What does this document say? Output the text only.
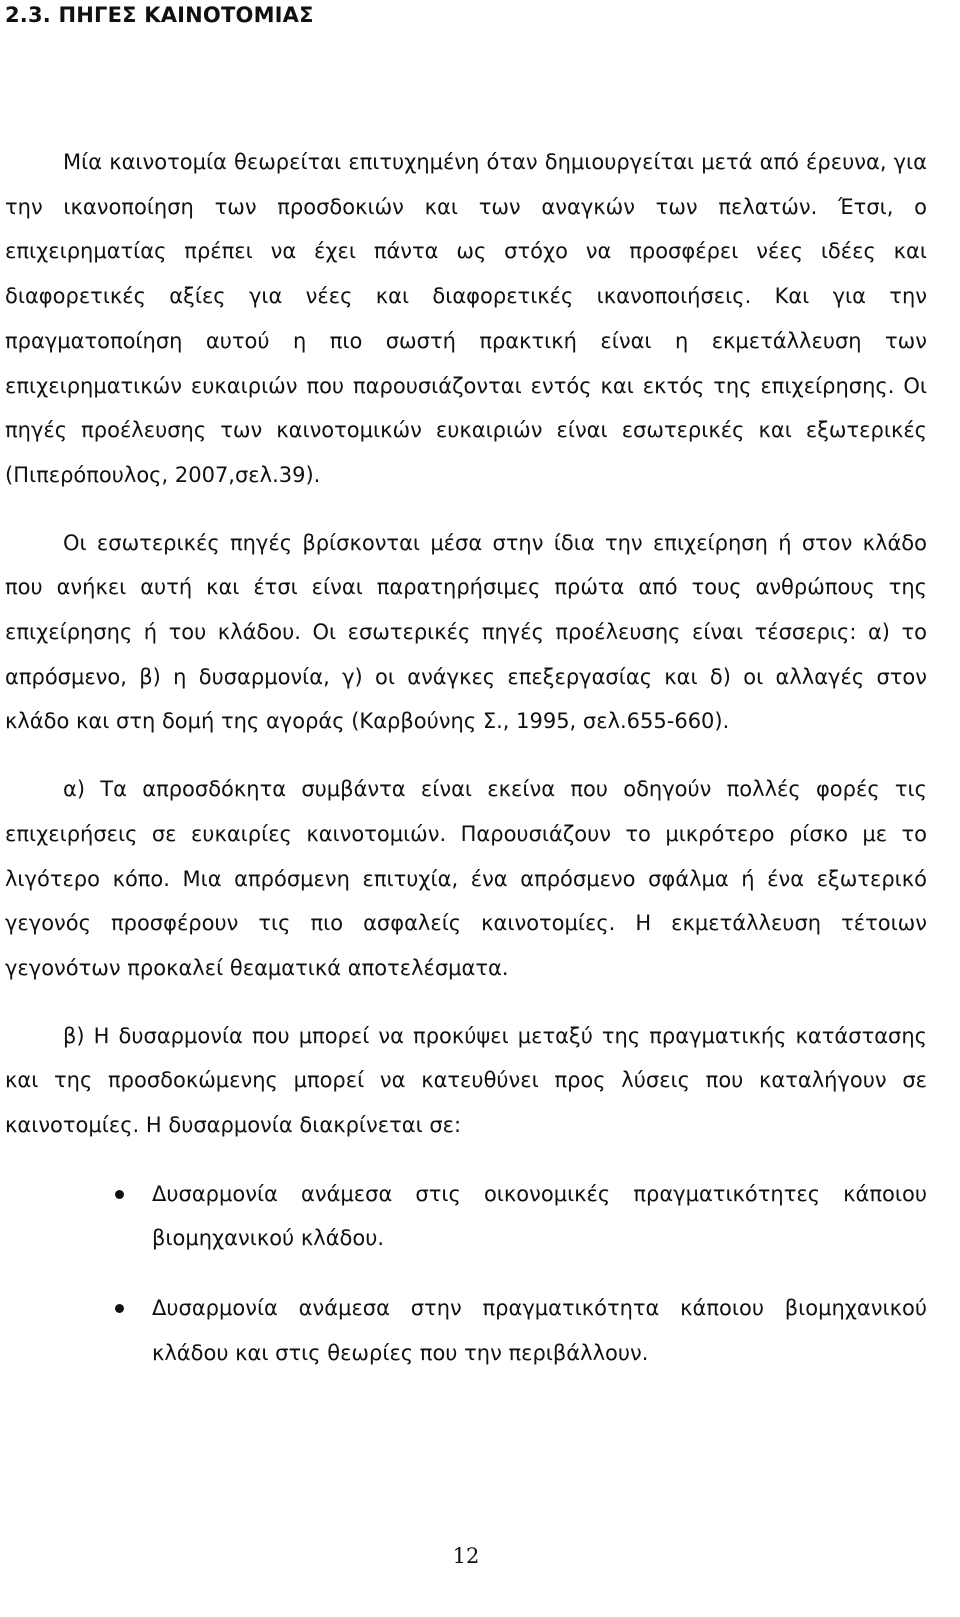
2.3. ΠΗΓΕΣ ΚΑΙΝΟΤΟΜΙΑΣ

Μία καινοτομία θεωρείται επιτυχημένη όταν δημιουργείται μετά από έρευνα, για την ικανοποίηση των προσδοκιών και των αναγκών των πελατών. Έτσι, ο επιχειρηματίας πρέπει να έχει πάντα ως στόχο να προσφέρει νέες ιδέες και διαφορετικές αξίες για νέες και διαφορετικές ικανοποιήσεις. Και για την πραγματοποίηση αυτού η πιο σωστή πρακτική είναι η εκμετάλλευση των επιχειρηματικών ευκαιριών που παρουσιάζονται εντός και εκτός της επιχείρησης. Οι πηγές προέλευσης των καινοτομικών ευκαιριών είναι εσωτερικές και εξωτερικές (Πιπερόπουλος, 2007,σελ.39).

Οι εσωτερικές πηγές βρίσκονται μέσα στην ίδια την επιχείρηση ή στον κλάδο που ανήκει αυτή και έτσι είναι παρατηρήσιμες πρώτα από τους ανθρώπους της επιχείρησης ή του κλάδου. Οι εσωτερικές πηγές προέλευσης είναι τέσσερις: α) το απρόσμενο, β) η δυσαρμονία, γ) οι ανάγκες επεξεργασίας και δ) οι αλλαγές στον κλάδο και στη δομή της αγοράς (Καρβούνης Σ., 1995, σελ.655-660).

α) Τα απροσδόκητα συμβάντα είναι εκείνα που οδηγούν πολλές φορές τις επιχειρήσεις σε ευκαιρίες καινοτομιών. Παρουσιάζουν το μικρότερο ρίσκο με το λιγότερο κόπο. Μια απρόσμενη επιτυχία, ένα απρόσμενο σφάλμα ή ένα εξωτερικό γεγονός προσφέρουν τις πιο ασφαλείς καινοτομίες. Η εκμετάλλευση τέτοιων γεγονότων προκαλεί θεαματικά αποτελέσματα.

β) Η δυσαρμονία που μπορεί να προκύψει μεταξύ της πραγματικής κατάστασης και της προσδοκώμενης μπορεί να κατευθύνει προς λύσεις που καταλήγουν σε καινοτομίες. Η δυσαρμονία διακρίνεται σε:

Δυσαρμονία ανάμεσα στις οικονομικές πραγματικότητες κάποιου βιομηχανικού κλάδου.
Δυσαρμονία ανάμεσα στην πραγματικότητα κάποιου βιομηχανικού κλάδου και στις θεωρίες που την περιβάλλουν.
12
